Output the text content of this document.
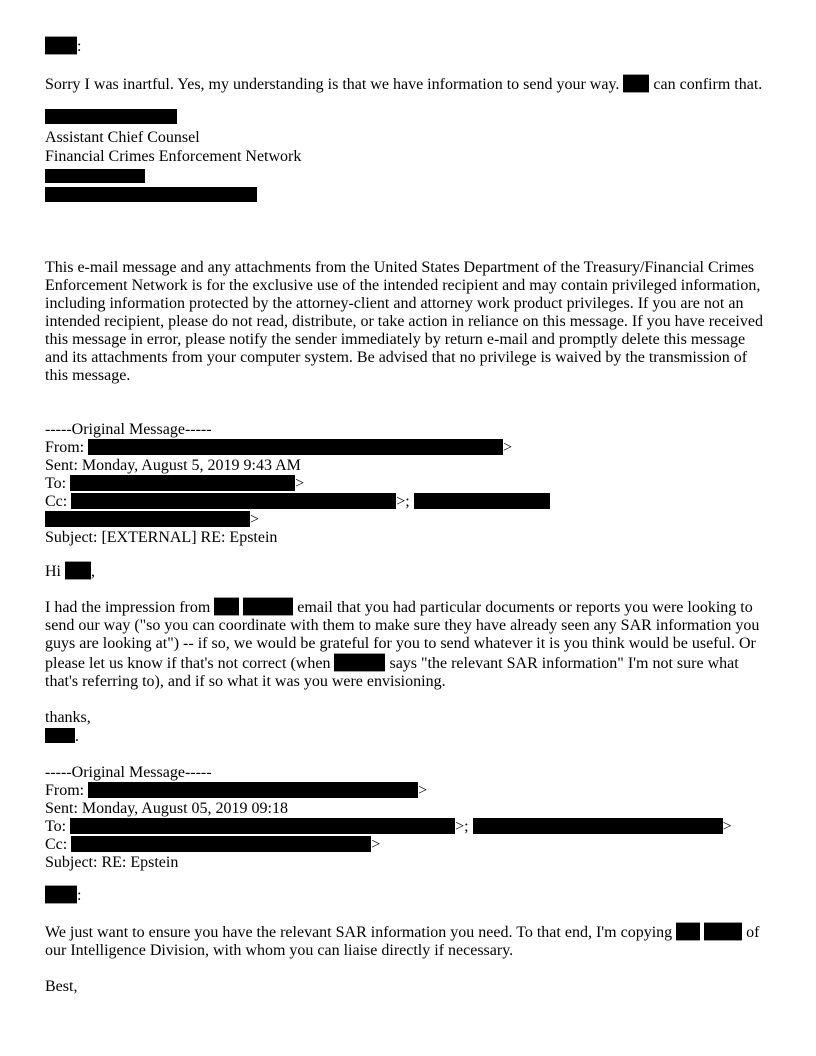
:

Sorry I was inartful. Yes, my understanding is that we have information to send your way. can confirm that.

Assistant Chief Counsel
Financial Crimes Enforcement Network

This e-mail message and any attachments from the United States Department of the Treasury/Financial Crimes Enforcement Network is for the exclusive use of the intended recipient and may contain privileged information, including information protected by the attorney-client and attorney work product privileges. If you are not an intended recipient, please do not read, distribute, or take action in reliance on this message. If you have received this message in error, please notify the sender immediately by return e-mail and promptly delete this message and its attachments from your computer system. Be advised that no privilege is waived by the transmission of this message.

-----Original Message-----
From:	>
Sent: Monday, August 5, 2019 9:43 AM
To:	>
Cc:	>;
>
Subject: [EXTERNAL] RE: Epstein
Hi ,

I had the impression from	email that you had particular documents or reports you were looking to send our way ("so you can coordinate with them to make sure they have already seen any SAR information you guys are looking at") -- if so, we would be grateful for you to send whatever it is you think would be useful. Or please let us know if that's not correct (when	says "the relevant SAR information" I'm not sure what that's referring to), and if so what it was you were envisioning.

thanks,
.
-----Original Message-----
From:	>
Sent: Monday, August 05, 2019 09:18
To:	>;	>
Cc:	>
Subject: RE: Epstein
:

We just want to ensure you have the relevant SAR information you need. To that end, I'm copying	of our Intelligence Division, with whom you can liaise directly if necessary.

Best,
